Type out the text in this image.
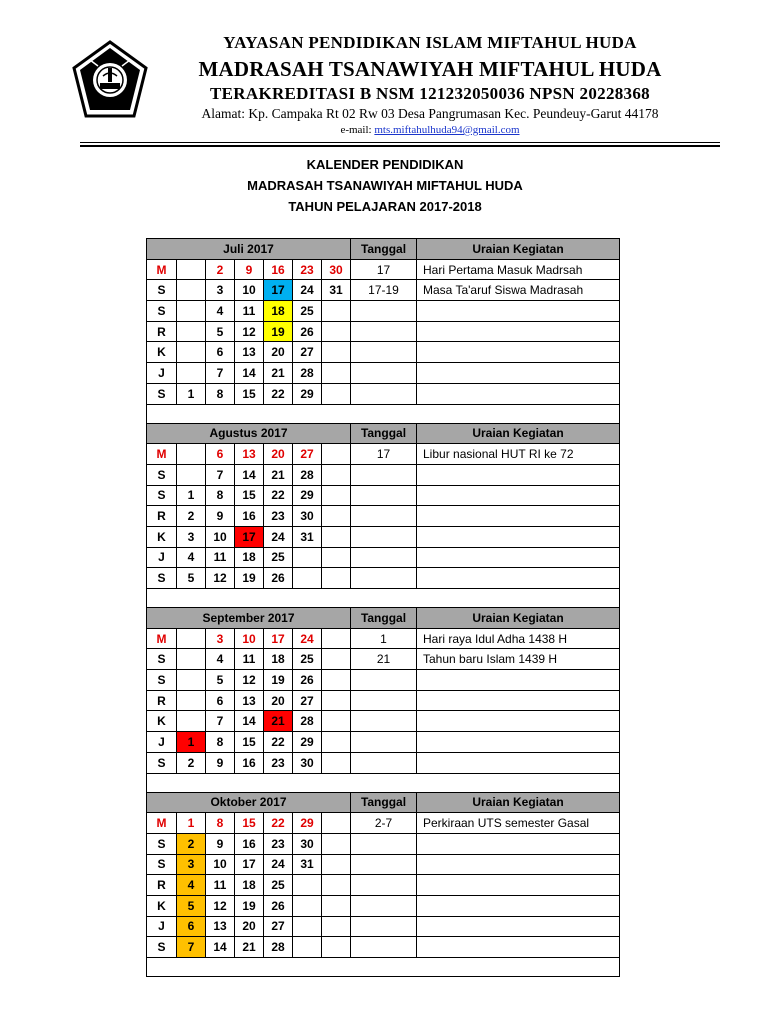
YAYASAN PENDIDIKAN ISLAM MIFTAHUL HUDA
MADRASAH TSANAWIYAH MIFTAHUL HUDA
TERAKREDITASI B NSM 121232050036 NPSN 20228368
Alamat: Kp. Campaka Rt 02 Rw 03 Desa Pangrumasan Kec. Peundeuy-Garut 44178
e-mail: mts.miftahulhuda94@gmail.com
KALENDER PENDIDIKAN
MADRASAH TSANAWIYAH MIFTAHUL HUDA
TAHUN PELAJARAN 2017-2018
Juli 2017							Tanggal	Uraian Kegiatan
M		2	9	16	23	30	17	Hari Pertama Masuk Madrsah
S		3	10	17	24	31	17-19	Masa Ta'aruf Siswa Madrasah
S		4	11	18	25			
R		5	12	19	26			
K		6	13	20	27			
J		7	14	21	28			
S	1	8	15	22	29			

Agustus 2017							Tanggal	Uraian Kegiatan
M		6	13	20	27		17	Libur nasional HUT RI ke 72
S		7	14	21	28			
S	1	8	15	22	29			
R	2	9	16	23	30			
K	3	10	17	24	31			
J	4	11	18	25				
S	5	12	19	26				

September 2017							Tanggal	Uraian Kegiatan
M		3	10	17	24		1	Hari raya Idul Adha 1438 H
S		4	11	18	25		21	Tahun baru Islam 1439 H
S		5	12	19	26			
R		6	13	20	27			
K		7	14	21	28			
J	1	8	15	22	29			
S	2	9	16	23	30			

Oktober 2017							Tanggal	Uraian Kegiatan
M	1	8	15	22	29		2-7	Perkiraan UTS semester Gasal
S	2	9	16	23	30			
S	3	10	17	24	31			
R	4	11	18	25				
K	5	12	19	26				
J	6	13	20	27				
S	7	14	21	28				
